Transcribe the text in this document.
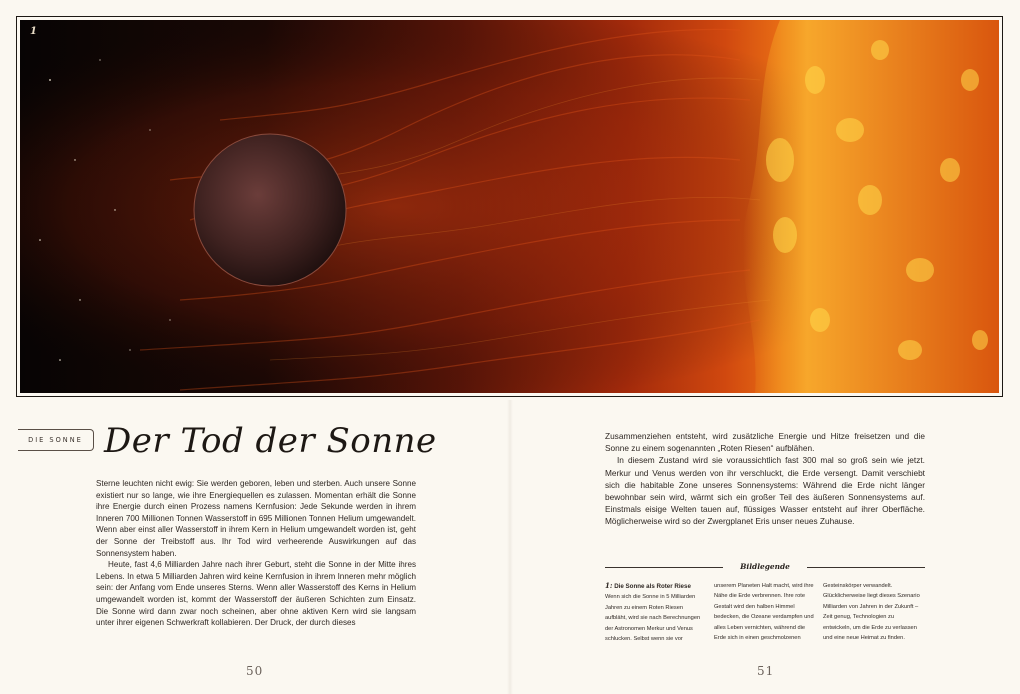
1
DIE SONNE Der Tod der Sonne

Sterne leuchten nicht ewig: Sie werden geboren, leben und sterben. Auch unsere Sonne existiert nur so lange, wie ihre Energiequellen es zulassen. Momentan erhält die Sonne ihre Energie durch einen Prozess namens Kernfusion: Jede Sekunde werden in ihrem Inneren 700 Millionen Tonnen Wasserstoff in 695 Millionen Tonnen Helium umgewandelt. Wenn aber einst aller Wasserstoff in ihrem Kern in Helium umgewandelt worden ist, geht der Sonne der Treibstoff aus. Ihr Tod wird verheerende Auswirkungen auf das Sonnensystem haben.

Heute, fast 4,6 Milliarden Jahre nach ihrer Geburt, steht die Sonne in der Mitte ihres Lebens. In etwa 5 Milliarden Jahren wird keine Kernfusion in ihrem Inneren mehr möglich sein: der Anfang vom Ende unseres Sterns. Wenn aller Wasserstoff des Kerns in Helium umgewandelt worden ist, kommt der Wasserstoff der äußeren Schichten zum Einsatz. Die Sonne wird dann zwar noch scheinen, aber ohne aktiven Kern wird sie langsam unter ihrer eigenen Schwerkraft kollabieren. Der Druck, der durch dieses

Zusammenziehen entsteht, wird zusätzliche Energie und Hitze freisetzen und die Sonne zu einem sogenannten „Roten Riesen“ aufblähen.

In diesem Zustand wird sie voraussichtlich fast 300 mal so groß sein wie jetzt. Merkur und Venus werden von ihr verschluckt, die Erde versengt. Damit verschiebt sich die habitable Zone unseres Sonnensystems: Während die Erde nicht länger bewohnbar sein wird, wärmt sich ein großer Teil des äußeren Sonnensystems auf. Einstmals eisige Welten tauen auf, flüssiges Wasser entsteht auf ihrer Oberfläche. Möglicherweise wird so der Zwergplanet Eris unser neues Zuhause.

Bildlegende
1: Die Sonne als Roter Riese
Wenn sich die Sonne in 5 Milliarden Jahren zu einem Roten Riesen aufbläht, wird sie nach Berechnungen der Astronomen Merkur und Venus schlucken. Selbst wenn sie vor
unserem Planeten Halt macht, wird ihre Nähe die Erde verbrennen. Ihre rote Gestalt wird den halben Himmel bedecken, die Ozeane verdampfen und alles Leben vernichten, während die Erde sich in einen geschmolzenen
Gesteinskörper verwandelt. Glücklicherweise liegt dieses Szenario Milliarden von Jahren in der Zukunft – Zeit genug, Technologien zu entwickeln, um die Erde zu verlassen und eine neue Heimat zu finden.
50	51
